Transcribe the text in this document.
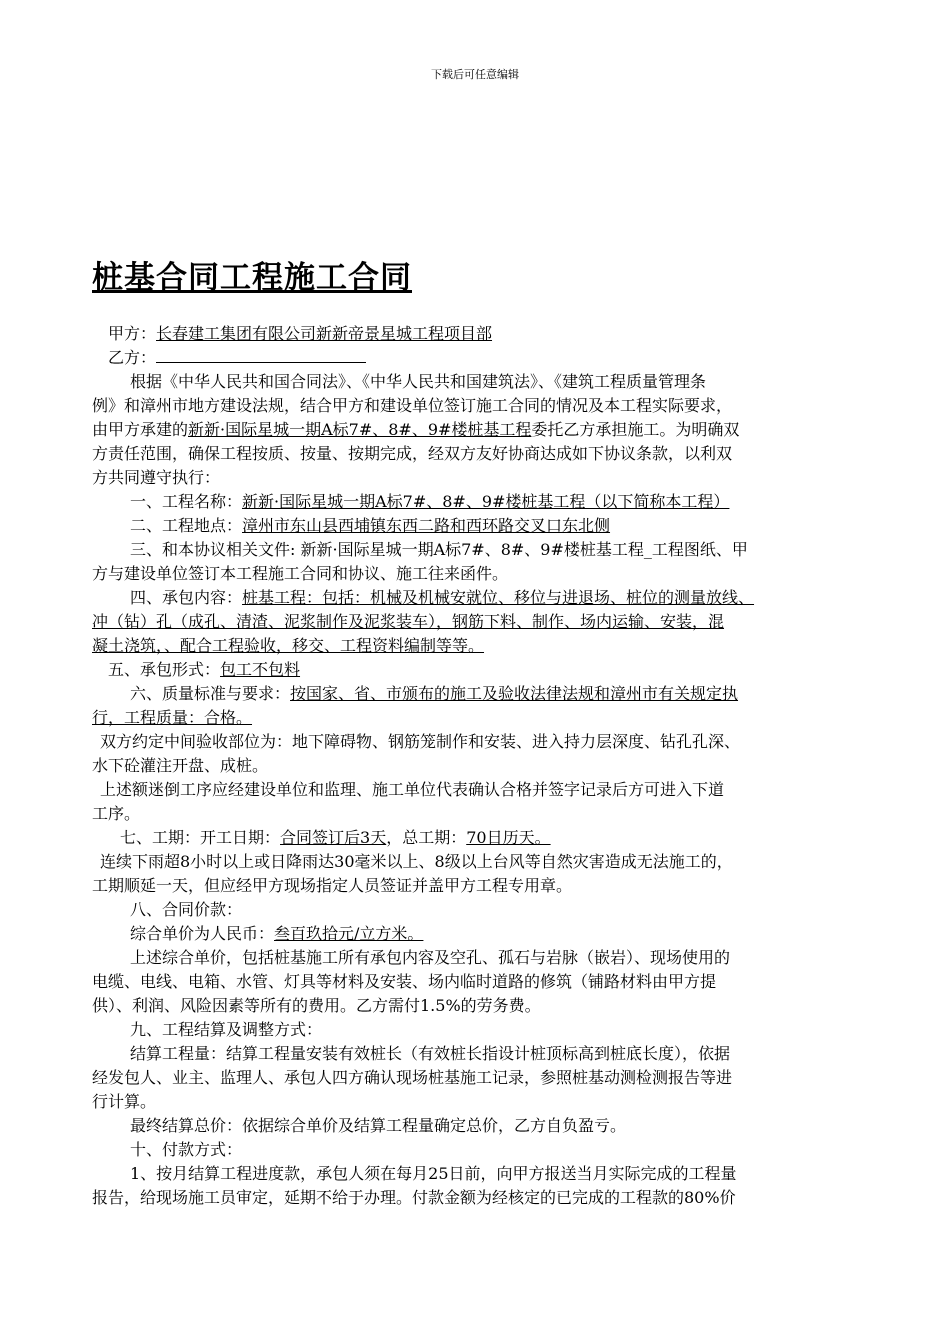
下载后可任意编辑
桩基合同工程施工合同
甲方：长春建工集团有限公司新新帝景星城工程项目部
乙方：
根据《中华人民共和国合同法》、《中华人民共和国建筑法》、《建筑工程质量管理条
例》和漳州市地方建设法规，结合甲方和建设单位签订施工合同的情况及本工程实际要求，
由甲方承建的新新·国际星城一期A标7#、8#、9#楼桩基工程委托乙方承担施工。为明确双
方责任范围，确保工程按质、按量、按期完成，经双方友好协商达成如下协议条款，以利双
方共同遵守执行：
一、工程名称：新新·国际星城一期A标7#、8#、9#楼桩基工程（以下简称本工程）
二、工程地点：漳州市东山县西埔镇东西二路和西环路交叉口东北侧
三、和本协议相关文件: 新新·国际星城一期A标7#、8#、9#楼桩基工程_工程图纸、甲
方与建设单位签订本工程施工合同和协议、施工往来函件。
四、承包内容：桩基工程：包括：机械及机械安就位、移位与进退场、桩位的测量放线、
冲（钻）孔（成孔、清渣、泥浆制作及泥浆装车），钢筋下料、制作、场内运输、安装，混
凝土浇筑，、配合工程验收，移交、工程资料编制等等。
五、承包形式：包工不包料
六、质量标准与要求：按国家、省、市颁布的施工及验收法律法规和漳州市有关规定执
行，工程质量：合格。
双方约定中间验收部位为：地下障碍物、钢筋笼制作和安装、进入持力层深度、钻孔孔深、
水下砼灌注开盘、成桩。
上述额迷倒工序应经建设单位和监理、施工单位代表确认合格并签字记录后方可进入下道
工序。
七、工期：开工日期：合同签订后3天，总工期：70日历天。
连续下雨超8小时以上或日降雨达30毫米以上、8级以上台风等自然灾害造成无法施工的，
工期顺延一天，但应经甲方现场指定人员签证并盖甲方工程专用章。
八、合同价款：
综合单价为人民币：叁百玖拾元/立方米。
上述综合单价，包括桩基施工所有承包内容及空孔、孤石与岩脉（嵌岩）、现场使用的
电缆、电线、电箱、水管、灯具等材料及安装、场内临时道路的修筑（铺路材料由甲方提
供）、利润、风险因素等所有的费用。乙方需付1.5%的劳务费。
九、工程结算及调整方式：
结算工程量：结算工程量安装有效桩长（有效桩长指设计桩顶标高到桩底长度），依据
经发包人、业主、监理人、承包人四方确认现场桩基施工记录，参照桩基动测检测报告等进
行计算。
最终结算总价：依据综合单价及结算工程量确定总价，乙方自负盈亏。
十、付款方式：
1、按月结算工程进度款，承包人须在每月25日前，向甲方报送当月实际完成的工程量
报告，给现场施工员审定，延期不给于办理。付款金额为经核定的已完成的工程款的80%价
